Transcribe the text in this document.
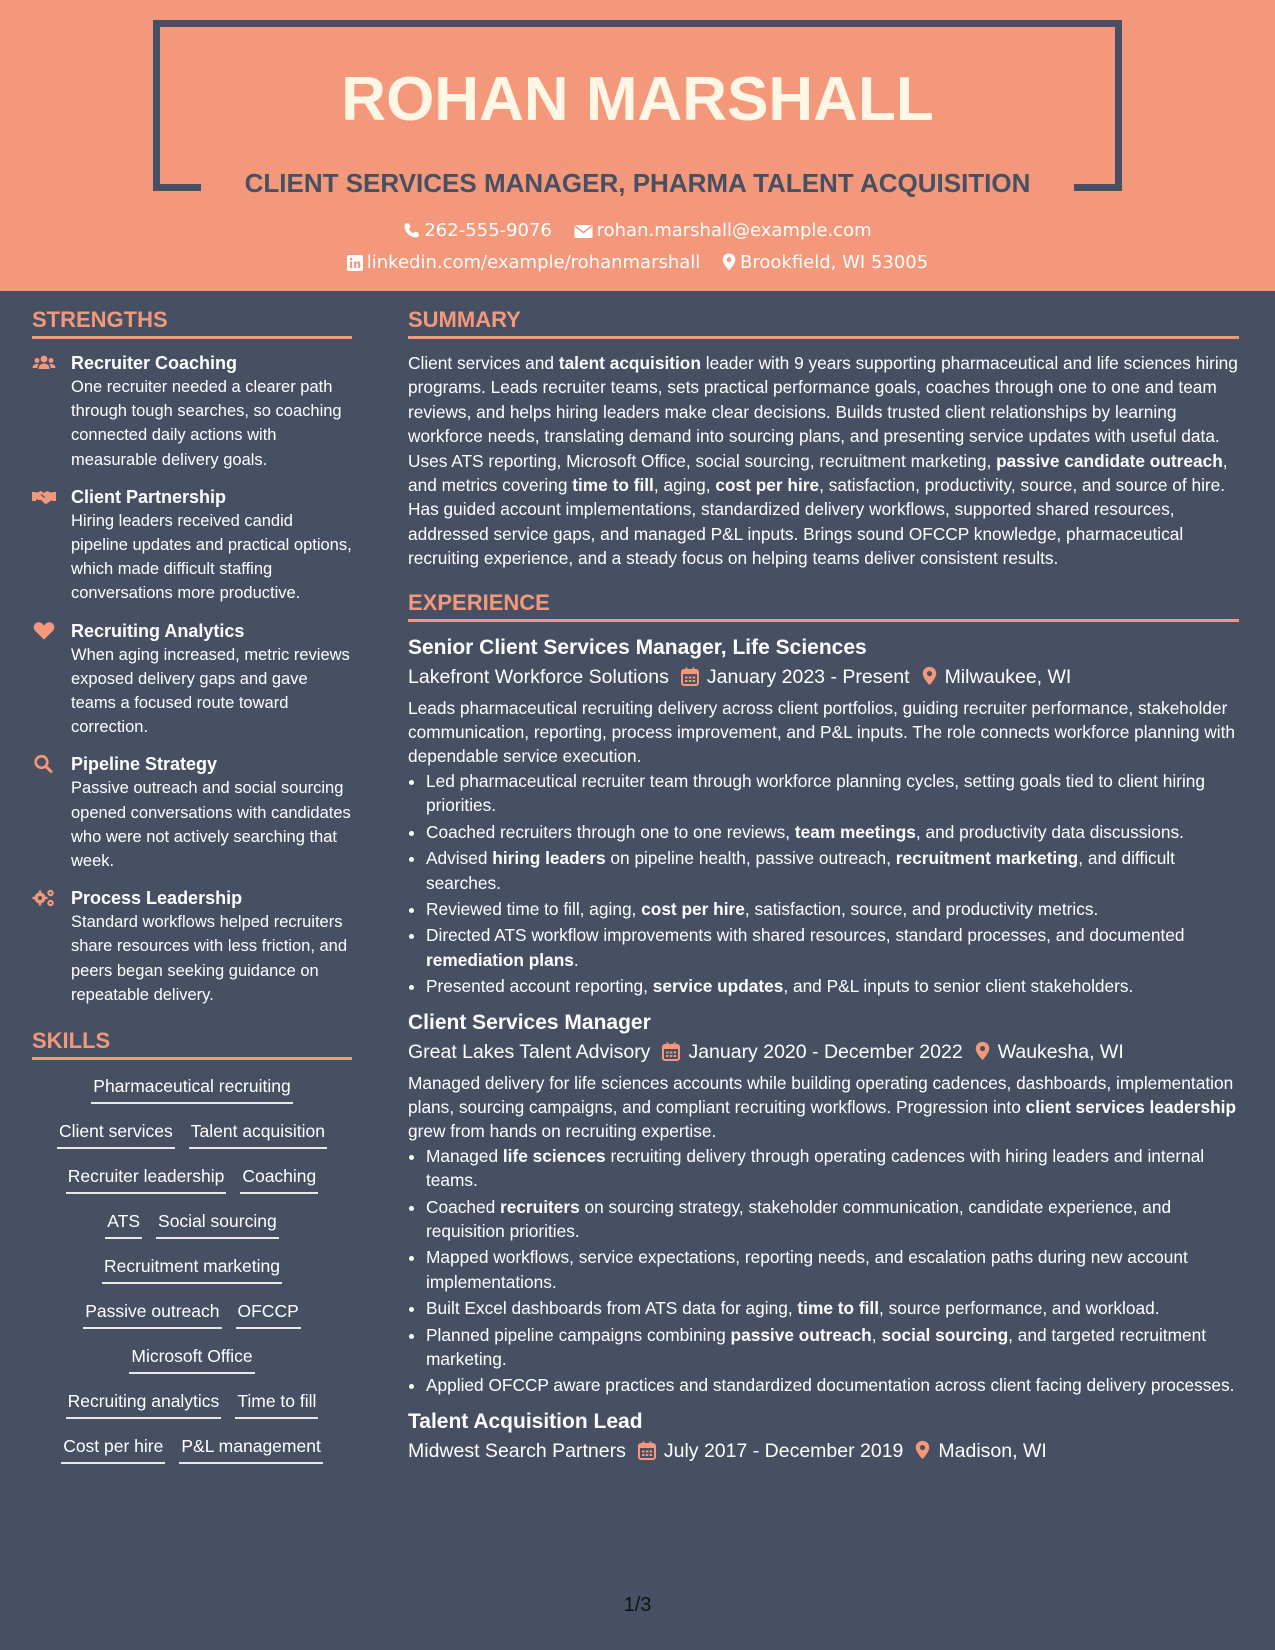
ROHAN MARSHALL
CLIENT SERVICES MANAGER, PHARMA TALENT ACQUISITION
262-555-9076 rohan.marshall@example.com
linkedin.com/example/rohanmarshall Brookfield, WI 53005
STRENGTHS
Recruiter Coaching
One recruiter needed a clearer path through tough searches, so coaching connected daily actions with measurable delivery goals.
Client Partnership
Hiring leaders received candid pipeline updates and practical options, which made difficult staffing conversations more productive.
Recruiting Analytics
When aging increased, metric reviews exposed delivery gaps and gave teams a focused route toward correction.
Pipeline Strategy
Passive outreach and social sourcing opened conversations with candidates who were not actively searching that week.
Process Leadership
Standard workflows helped recruiters share resources with less friction, and peers began seeking guidance on repeatable delivery.
SKILLS
Pharmaceutical recruiting
Client services Talent acquisition
Recruiter leadership Coaching
ATS Social sourcing
Recruitment marketing
Passive outreach OFCCP
Microsoft Office
Recruiting analytics Time to fill
Cost per hire P&L management
SUMMARY
Client services and talent acquisition leader with 9 years supporting pharmaceutical and life sciences hiring programs. Leads recruiter teams, sets practical performance goals, coaches through one to one and team reviews, and helps hiring leaders make clear decisions. Builds trusted client relationships by learning workforce needs, translating demand into sourcing plans, and presenting service updates with useful data. Uses ATS reporting, Microsoft Office, social sourcing, recruitment marketing, passive candidate outreach, and metrics covering time to fill, aging, cost per hire, satisfaction, productivity, source, and source of hire. Has guided account implementations, standardized delivery workflows, supported shared resources, addressed service gaps, and managed P&L inputs. Brings sound OFCCP knowledge, pharmaceutical recruiting experience, and a steady focus on helping teams deliver consistent results.
EXPERIENCE
Senior Client Services Manager, Life Sciences
Lakefront Workforce Solutions January 2023 - Present Milwaukee, WI
Leads pharmaceutical recruiting delivery across client portfolios, guiding recruiter performance, stakeholder communication, reporting, process improvement, and P&L inputs. The role connects workforce planning with dependable service execution.
• Led pharmaceutical recruiter team through workforce planning cycles, setting goals tied to client hiring priorities.
• Coached recruiters through one to one reviews, team meetings, and productivity data discussions.
• Advised hiring leaders on pipeline health, passive outreach, recruitment marketing, and difficult searches.
• Reviewed time to fill, aging, cost per hire, satisfaction, source, and productivity metrics.
• Directed ATS workflow improvements with shared resources, standard processes, and documented remediation plans.
• Presented account reporting, service updates, and P&L inputs to senior client stakeholders.
Client Services Manager
Great Lakes Talent Advisory January 2020 - December 2022 Waukesha, WI
Managed delivery for life sciences accounts while building operating cadences, dashboards, implementation plans, sourcing campaigns, and compliant recruiting workflows. Progression into client services leadership grew from hands on recruiting expertise.
• Managed life sciences recruiting delivery through operating cadences with hiring leaders and internal teams.
• Coached recruiters on sourcing strategy, stakeholder communication, candidate experience, and requisition priorities.
• Mapped workflows, service expectations, reporting needs, and escalation paths during new account implementations.
• Built Excel dashboards from ATS data for aging, time to fill, source performance, and workload.
• Planned pipeline campaigns combining passive outreach, social sourcing, and targeted recruitment marketing.
• Applied OFCCP aware practices and standardized documentation across client facing delivery processes.
Talent Acquisition Lead
Midwest Search Partners July 2017 - December 2019 Madison, WI
1/3
